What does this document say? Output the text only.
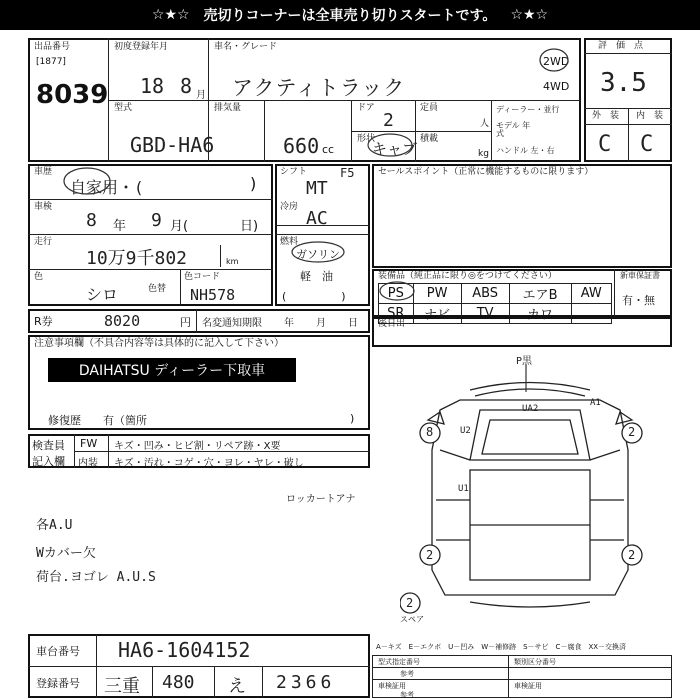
☆★☆ 売切りコーナーは全車売り切りスタートです。 ☆★☆
出品番号
[1877]
8039
初度登録年月
18 8 月
車名・グレード
アクティトラック
2WD
4WD
型式
GBD-HA6
排気量
660 cc
ドア
2
形状
キャブ
定員
人
積載
kg
ディーラー・並行
モデル 年式
ハンドル 左・右
評　価　点
3.5
外　装 内　装
C C
車歴
自家用・(	)
車検
8 年 9 月(	日)
走行
10万9千802	km
色
シロ	色替
色コード
NH578
シフト	F5
MT
冷房
AC
燃料
ガソリン
軽　油
(　　　　　)
セールスポイント（正常に機能するものに限ります）
装備品（純正品に限り◎をつけてください）
PS	PW	ABS	エアB	AW
SR	ナビ	TV	カワ	
新車保証書
有・無
R券	8020	円 名変通知期限 年 月 日 後日出
注意事項欄（不具合内容等は具体的に記入して下さい）
DAIHATSU ディーラー下取車
修復歴　　有（箇所	)
検査員
記入欄
FW キズ・凹み・ヒビ割・リペア跡・X要
内装 キズ・汚れ・コゲ・穴・ヨレ・ヤレ・破し
ロッカートアナ
各A.U
Wカバー欠
荷台.ヨゴレ A.U.S
P黒
UA2
A1
U2
U1
8	2
2	2
2
スペア
A－キズ　E－エクボ　U－凹み　W－補修跡　S－サビ　C－腐食　XX－交換済
車台番号 HA6-1604152
登録番号 三重 480 え 2366
型式指定番号	類別区分番号
参考
車検証用
参考
車検証用
